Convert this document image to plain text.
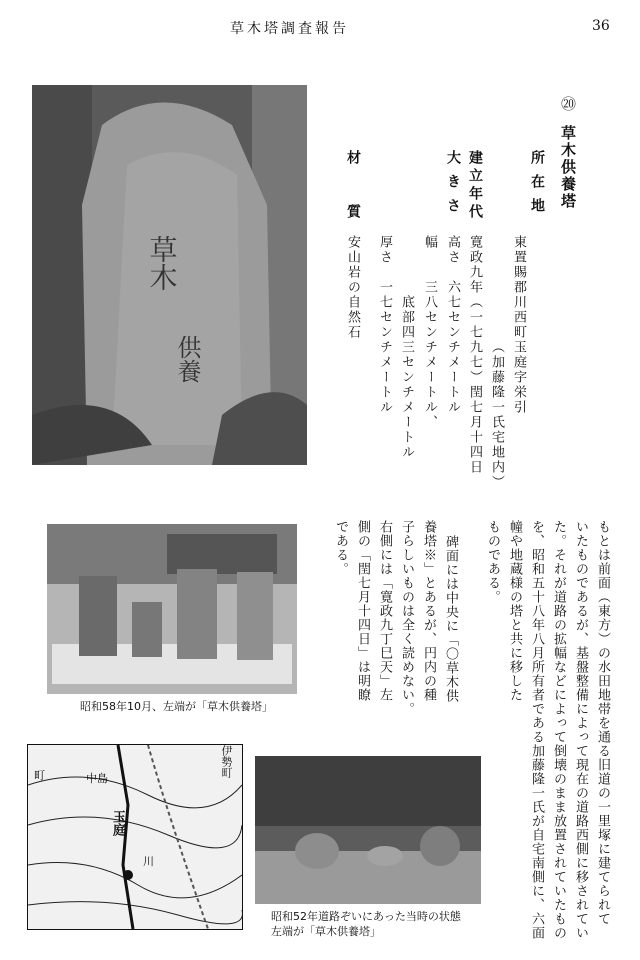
草木塔調査報告	36
草木
供養
⑳
草木供養塔
所在地
東置賜郡川西町玉庭字栄引
（加藤隆一氏宅地内）
建立年代
寛政九年（一七九七）閏七月十四日
大きさ
高さ　六七センチメートル
幅　　三八センチメートル、
底部四三センチメートル
厚さ　一七センチメートル
材質
安山岩の自然石
もとは前面（東方）の水田地帯を通る旧道の一里塚に建てられて
いたものであるが、基盤整備によって現在の道路西側に移されてい
た。それが道路の拡幅などによって倒壊のまま放置されていたもの
を、昭和五十八年八月所有者である加藤隆一氏が自宅南側に、六面
幢や地蔵様の塔と共に移した
ものである。
碑面には中央に「〇草木供
養塔※」とあるが、円内の種
子らしいものは全く読めない。
右側には「寛政九丁巳天」左
側の「閏七月十四日」は明瞭
である。
昭和58年10月、左端が「草木供養塔」
伊勢町
町
玉庭
中島
川
昭和52年道路ぞいにあった当時の状態
左端が「草木供養塔」
